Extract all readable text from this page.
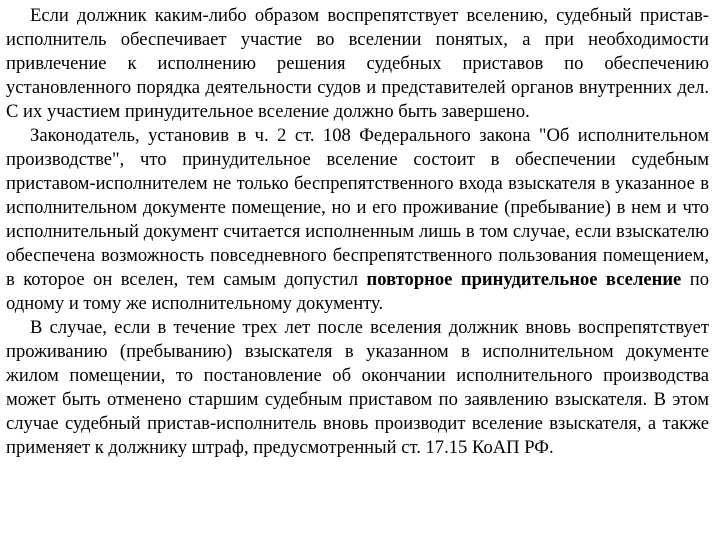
Если должник каким-либо образом воспрепятствует вселению, судебный пристав-исполнитель обеспечивает участие во вселении понятых, а при необходимости привлечение к исполнению решения судебных приставов по обеспечению установленного порядка деятельности судов и представителей органов внутренних дел. С их участием принудительное вселение должно быть завершено.

Законодатель, установив в ч. 2 ст. 108 Федерального закона "Об исполнительном производстве", что принудительное вселение состоит в обеспечении судебным приставом-исполнителем не только беспрепятственного входа взыскателя в указанное в исполнительном документе помещение, но и его проживание (пребывание) в нем и что исполнительный документ считается исполненным лишь в том случае, если взыскателю обеспечена возможность повседневного беспрепятственного пользования помещением, в которое он вселен, тем самым допустил повторное принудительное вселение по одному и тому же исполнительному документу.

В случае, если в течение трех лет после вселения должник вновь воспрепятствует проживанию (пребыванию) взыскателя в указанном в исполнительном документе жилом помещении, то постановление об окончании исполнительного производства может быть отменено старшим судебным приставом по заявлению взыскателя. В этом случае судебный пристав-исполнитель вновь производит вселение взыскателя, а также применяет к должнику штраф, предусмотренный ст. 17.15 КоАП РФ.
